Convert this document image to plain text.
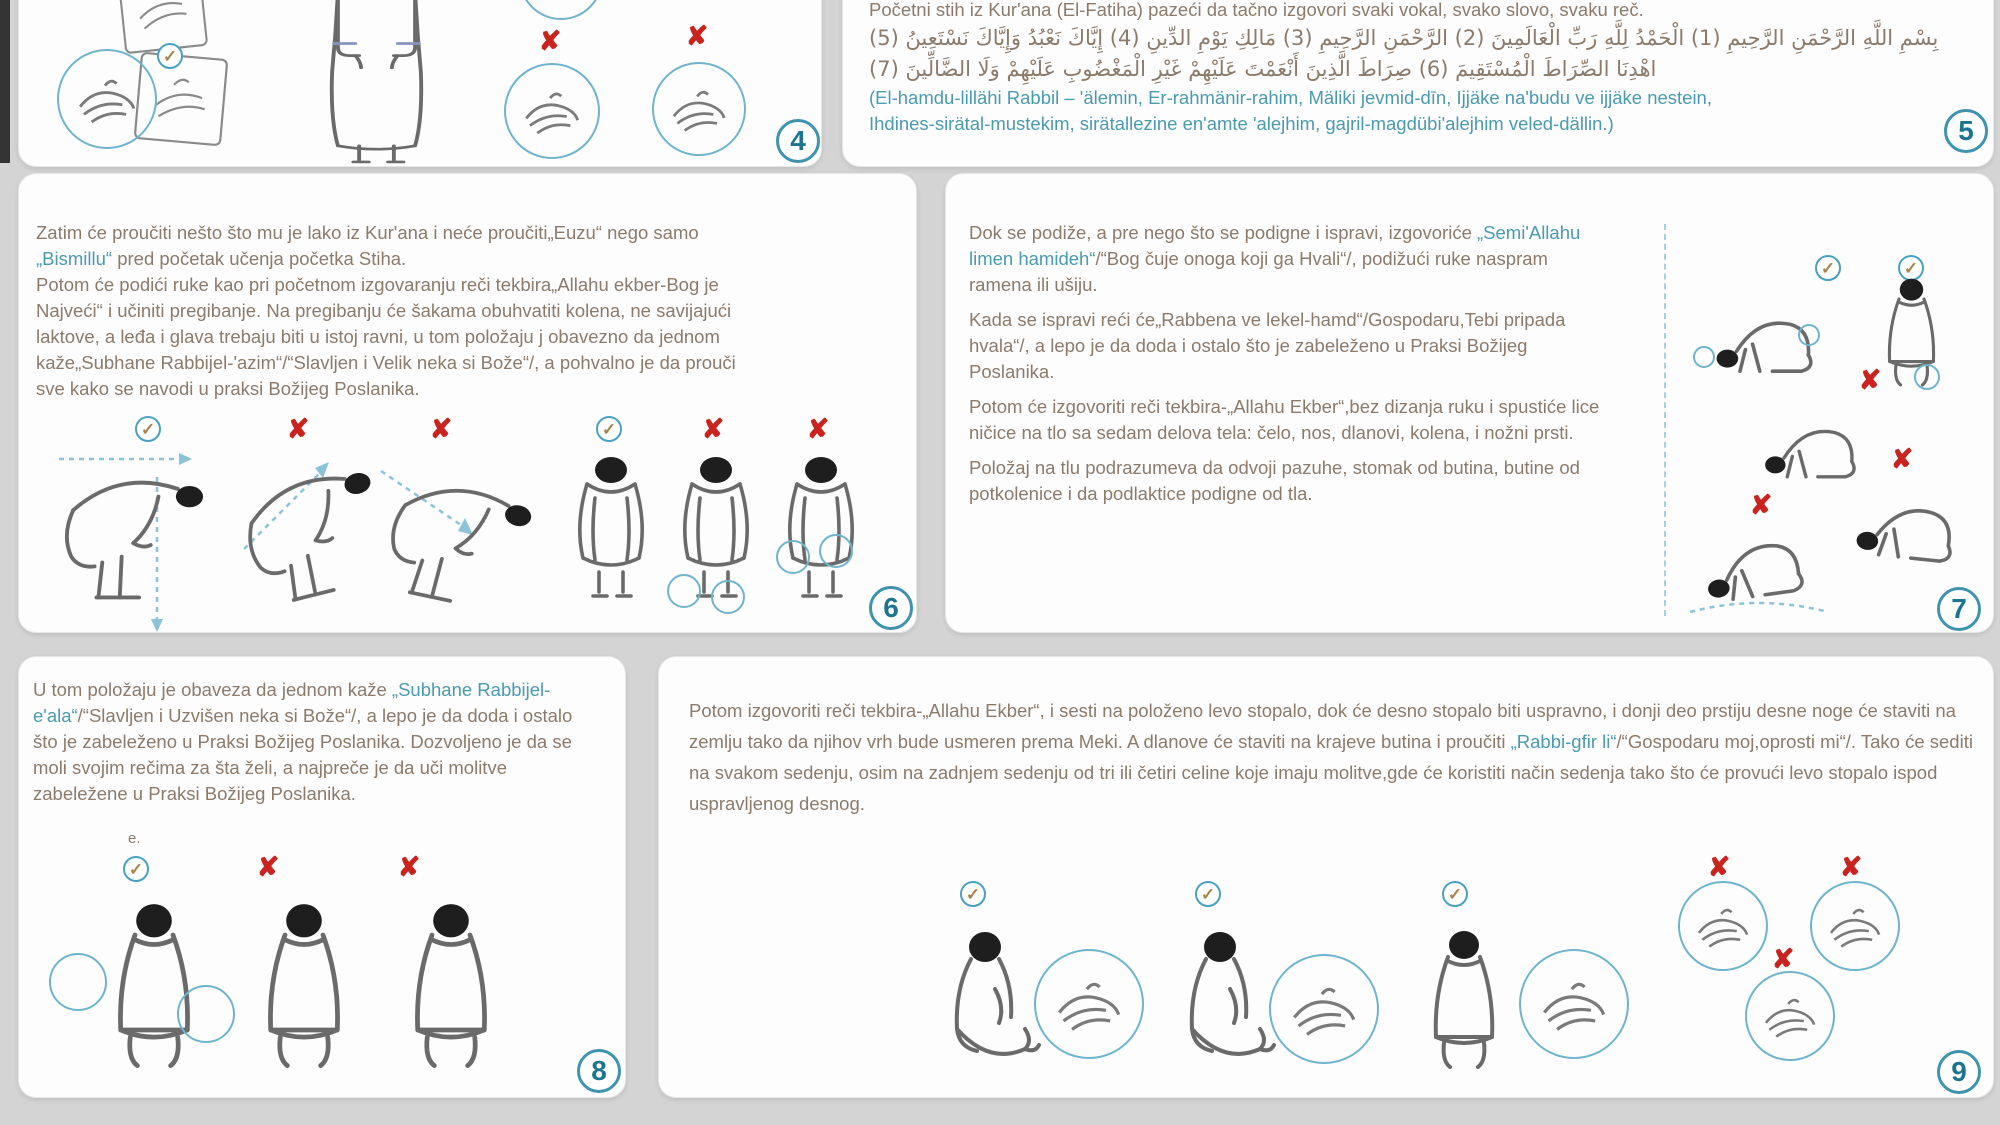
✓
✘	✘
4

Početni stih iz Kur'ana (El-Fatiha) pazeći da tačno izgovori svaki vokal, svako slovo, svaku reč.

بِسْمِ اللَّهِ الرَّحْمَنِ الرَّحِيمِ (1) الْحَمْدُ لِلَّهِ رَبِّ الْعَالَمِينَ (2) الرَّحْمَنِ الرَّحِيمِ (3) مَالِكِ يَوْمِ الدِّينِ (4) إِيَّاكَ نَعْبُدُ وَإِيَّاكَ نَسْتَعِينُ (5)

اهْدِنَا الصِّرَاطَ الْمُسْتَقِيمَ (6) صِرَاطَ الَّذِينَ أَنْعَمْتَ عَلَيْهِمْ غَيْرِ الْمَغْضُوبِ عَلَيْهِمْ وَلَا الضَّالِّينَ (7)

(El-hamdu-lillähi Rabbil – 'älemin, Er-rahmänir-rahim, Mäliki jevmid-dīn, Ijjäke na'budu ve ijjäke nestein,

Ihdines-sirätal-mustekim, sirätallezine en'amte 'alejhim, gajril-magdübi'alejhim veled-dällin.)	5

Zatim će proučiti nešto što mu je lako iz Kur'ana i neće proučiti„Euzu“ nego samo „Bismillu“ pred početak učenja početka Stiha.

Potom će podići ruke kao pri početnom izgovaranju reči tekbira„Allahu ekber-Bog je Najveći“ i učiniti pregibanje. Na pregibanju će šakama obuhvatiti kolena, ne savijajući laktove, a leđa i glava trebaju biti u istoj ravni, u tom položaju j obavezno da jednom kaže„Subhane Rabbijel-'azim“/“Slavljen i Velik neka si Bože“/, a pohvalno je da prouči sve kako se navodi u praksi Božijeg Poslanika.

✓	✘	✘	✓	✘	✘
6

Dok se podiže, a pre nego što se podigne i ispravi, izgovoriće „Semi'Allahu limen hamideh“/“Bog čuje onoga koji ga Hvali“/, podižući ruke naspram ramena ili ušiju.

Kada se ispravi reći će„Rabbena ve lekel-hamd“/Gospodaru,Tebi pripada hvala“/, a lepo je da doda i ostalo što je zabeleženo u Praksi Božijeg Poslanika.

Potom će izgovoriti reči tekbira-„Allahu Ekber“,bez dizanja ruku i spustiće lice ničice na tlo sa sedam delova tela: čelo, nos, dlanovi, kolena, i nožni prsti.

Položaj na tlu podrazumeva da odvoji pazuhe, stomak od butina, butine od potkolenice i da podlaktice podigne od tla.

✓	✓
✘
✘
✘
7

U tom položaju je obaveza da jednom kaže „Subhane Rabbijel-e'ala“/“Slavljen i Uzvišen neka si Bože“/, a lepo je da doda i ostalo što je zabeleženo u Praksi Božijeg Poslanika. Dozvoljeno je da se moli svojim rečima za šta želi, a najpreče je da uči molitve zabeležene u Praksi Božijeg Poslanika.

e.
✓	✘	✘
8

Potom izgovoriti reči tekbira-„Allahu Ekber“, i sesti na položeno levo stopalo, dok će desno stopalo biti uspravno, i donji deo prstiju desne noge će staviti na zemlju tako da njihov vrh bude usmeren prema Meki. A dlanove će staviti na krajeve butina i proučiti „Rabbi-gfir li“/“Gospodaru moj,oprosti mi“/. Tako će sediti na svakom sedenju, osim na zadnjem sedenju od tri ili četiri celine koje imaju molitve,gde će koristiti način sedenja tako što će provući levo stopalo ispod uspravljenog desnog.

✓	✓	✓
✘	✘
✘
9
